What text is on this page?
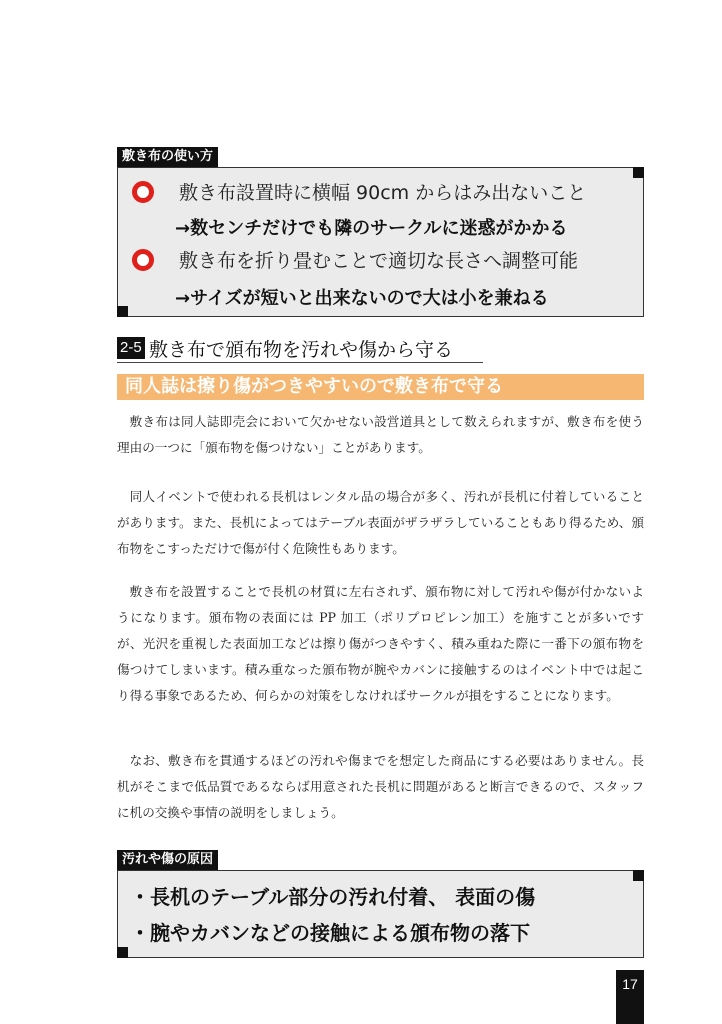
敷き布の使い方
敷き布設置時に横幅 90cm からはみ出ないこと
→数センチだけでも隣のサークルに迷惑がかかる
敷き布を折り畳むことで適切な長さへ調整可能
→サイズが短いと出来ないので大は小を兼ねる
2-5 敷き布で頒布物を汚れや傷から守る
同人誌は擦り傷がつきやすいので敷き布で守る

敷き布は同人誌即売会において欠かせない設営道具として数えられますが、敷き布を使う理由の一つに「頒布物を傷つけない」ことがあります。

同人イベントで使われる長机はレンタル品の場合が多く、汚れが長机に付着していることがあります。また、長机によってはテーブル表面がザラザラしていることもあり得るため、頒布物をこすっただけで傷が付く危険性もあります。

敷き布を設置することで長机の材質に左右されず、頒布物に対して汚れや傷が付かないようになります。頒布物の表面には PP 加工（ポリプロピレン加工）を施すことが多いですが、光沢を重視した表面加工などは擦り傷がつきやすく、積み重ねた際に一番下の頒布物を傷つけてしまいます。積み重なった頒布物が腕やカバンに接触するのはイベント中では起こり得る事象であるため、何らかの対策をしなければサークルが損をすることになります。

なお、敷き布を貫通するほどの汚れや傷までを想定した商品にする必要はありません。長机がそこまで低品質であるならば用意された長机に問題があると断言できるので、スタッフに机の交換や事情の説明をしましょう。

汚れや傷の原因
・長机のテーブル部分の汚れ付着、 表面の傷
・腕やカバンなどの接触による頒布物の落下
17
